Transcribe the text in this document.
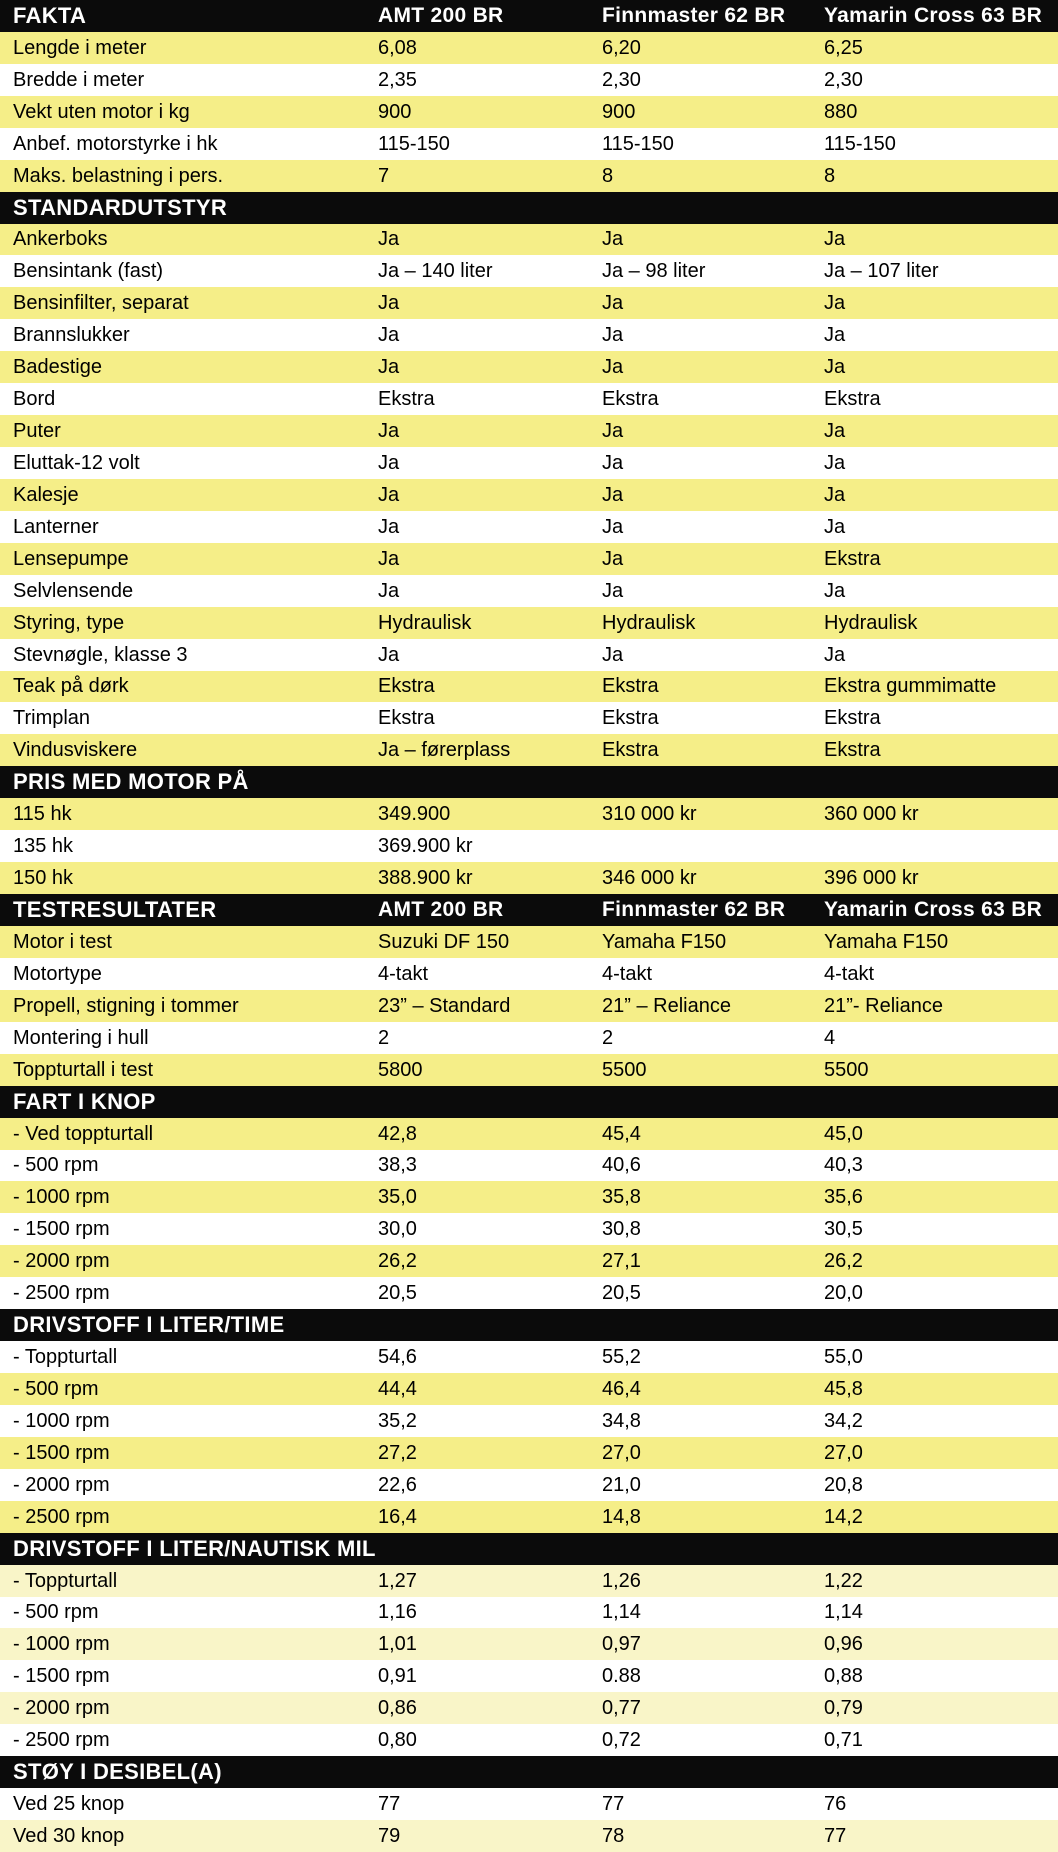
FAKTA	AMT 200 BR	Finnmaster 62 BR	Yamarin Cross 63 BR
Lengde i meter	6,08	6,20	6,25
Bredde i meter	2,35	2,30	2,30
Vekt uten motor i kg	900	900	880
Anbef. motorstyrke i hk	115-150	115-150	115-150
Maks. belastning i pers.	7	8	8
STANDARDUTSTYR
Ankerboks	Ja	Ja	Ja
Bensintank (fast)	Ja – 140 liter	Ja – 98 liter	Ja – 107 liter
Bensinfilter, separat	Ja	Ja	Ja
Brannslukker	Ja	Ja	Ja
Badestige	Ja	Ja	Ja
Bord	Ekstra	Ekstra	Ekstra
Puter	Ja	Ja	Ja
Eluttak-12 volt	Ja	Ja	Ja
Kalesje	Ja	Ja	Ja
Lanterner	Ja	Ja	Ja
Lensepumpe	Ja	Ja	Ekstra
Selvlensende	Ja	Ja	Ja
Styring, type	Hydraulisk	Hydraulisk	Hydraulisk
Stevnøgle, klasse 3	Ja	Ja	Ja
Teak på dørk	Ekstra	Ekstra	Ekstra gummimatte
Trimplan	Ekstra	Ekstra	Ekstra
Vindusviskere	Ja – førerplass	Ekstra	Ekstra
PRIS MED MOTOR PÅ
115 hk	349.900	310 000 kr	360 000 kr
135 hk	369.900 kr
150 hk	388.900 kr	346 000 kr	396 000 kr
TESTRESULTATER	AMT 200 BR	Finnmaster 62 BR	Yamarin Cross 63 BR
Motor i test	Suzuki DF 150	Yamaha F150	Yamaha F150
Motortype	4-takt	4-takt	4-takt
Propell, stigning i tommer	23” – Standard	21” – Reliance	21”- Reliance
Montering i hull	2	2	4
Toppturtall i test	5800	5500	5500
FART I KNOP
- Ved toppturtall	42,8	45,4	45,0
- 500 rpm	38,3	40,6	40,3
- 1000 rpm	35,0	35,8	35,6
- 1500 rpm	30,0	30,8	30,5
- 2000 rpm	26,2	27,1	26,2
- 2500 rpm	20,5	20,5	20,0
DRIVSTOFF I LITER/TIME
- Toppturtall	54,6	55,2	55,0
- 500 rpm	44,4	46,4	45,8
- 1000 rpm	35,2	34,8	34,2
- 1500 rpm	27,2	27,0	27,0
- 2000 rpm	22,6	21,0	20,8
- 2500 rpm	16,4	14,8	14,2
DRIVSTOFF I LITER/NAUTISK MIL
- Toppturtall	1,27	1,26	1,22
- 500 rpm	1,16	1,14	1,14
- 1000 rpm	1,01	0,97	0,96
- 1500 rpm	0,91	0.88	0,88
- 2000 rpm	0,86	0,77	0,79
- 2500 rpm	0,80	0,72	0,71
STØY I DESIBEL(A)
Ved 25 knop	77	77	76
Ved 30 knop	79	78	77
